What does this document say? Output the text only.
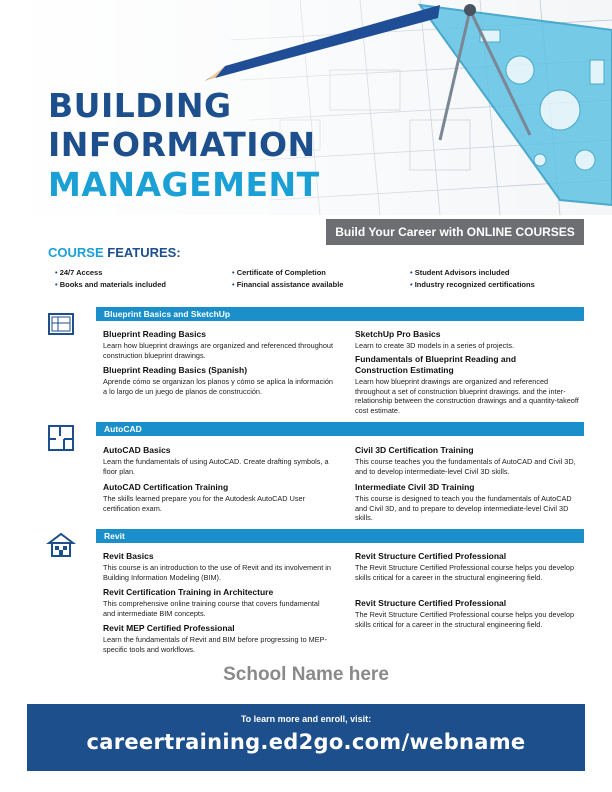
BUILDING
INFORMATION
MANAGEMENT
Build Your Career with ONLINE COURSES
COURSE FEATURES:
• 24/7 Access
• Books and materials included
• Certificate of Completion
• Financial assistance available
• Student Advisors included
• Industry recognized certifications
Blueprint Basics and SketchUp

Blueprint Reading Basics

Learn how blueprint drawings are organized and referenced throughout construction blueprint drawings.

Blueprint Reading Basics (Spanish)

Aprende cómo se organizan los planos y cómo se aplica la información a lo largo de un juego de planos de construcción.

SketchUp Pro Basics

Learn to create 3D models in a series of projects.

Fundamentals of Blueprint Reading and Construction Estimating

Learn how blueprint drawings are organized and referenced throughout a set of construction blueprint drawings. and the inter-relationship between the construction drawings and a quantity-takeoff cost estimate.

AutoCAD

AutoCAD Basics

Learn the fundamentals of using AutoCAD. Create drafting symbols, a floor plan.

AutoCAD Certification Training

The skills learned prepare you for the Autodesk AutoCAD User certification exam.

Civil 3D Certification Training

This course teaches you the fundamentals of AutoCAD and Civil 3D, and to develop intermediate-level Civil 3D skills.

Intermediate Civil 3D Training

This course is designed to teach you the fundamentals of AutoCAD and Civil 3D, and to prepare to develop intermediate-level Civil 3D skills.

Revit

Revit Basics

This course is an introduction to the use of Revit and its involvement in Building Information Modeling (BIM).

Revit Certification Training in Architecture

This comprehensive online training course that covers fundamental and intermediate BIM concepts.

Revit MEP Certified Professional

Learn the fundamentals of Revit and BIM before progressing to MEP-specific tools and workflows.

Revit Structure Certified Professional

The Revit Structure Certified Professional course helps you develop skills critical for a career in the structural engineering field.

Revit Structure Certified Professional

The Revit Structure Certified Professional course helps you develop skills critical for a career in the structural engineering field.

School Name here
To learn more and enroll, visit:
careertraining.ed2go.com/webname
